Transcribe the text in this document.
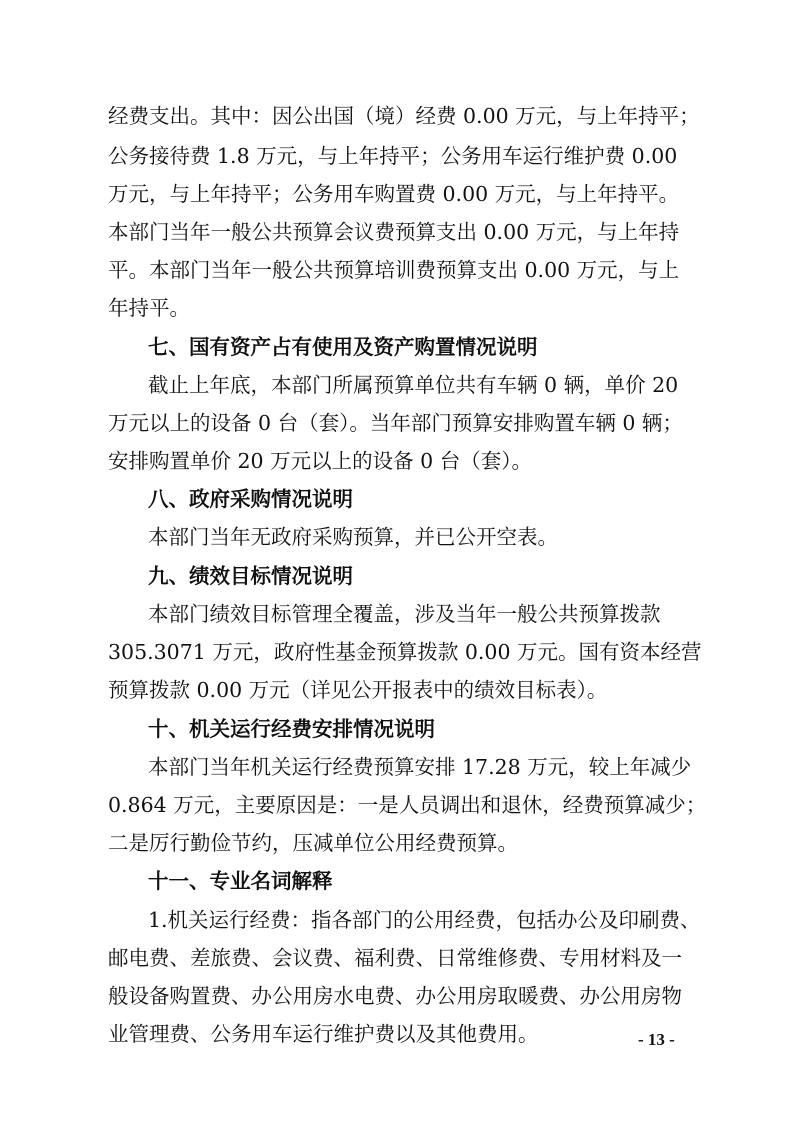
经费支出。其中：因公出国（境）经费 0.00 万元，与上年持平；
公务接待费 1.8 万元，与上年持平；公务用车运行维护费 0.00
万元，与上年持平；公务用车购置费 0.00 万元，与上年持平。
本部门当年一般公共预算会议费预算支出 0.00 万元，与上年持
平。本部门当年一般公共预算培训费预算支出 0.00 万元，与上
年持平。
七、国有资产占有使用及资产购置情况说明
截止上年底，本部门所属预算单位共有车辆 0 辆，单价 20
万元以上的设备 0 台（套）。当年部门预算安排购置车辆 0 辆；
安排购置单价 20 万元以上的设备 0 台（套）。
八、政府采购情况说明
本部门当年无政府采购预算，并已公开空表。
九、绩效目标情况说明
本部门绩效目标管理全覆盖，涉及当年一般公共预算拨款
305.3071 万元，政府性基金预算拨款 0.00 万元。国有资本经营
预算拨款 0.00 万元（详见公开报表中的绩效目标表）。
十、机关运行经费安排情况说明
本部门当年机关运行经费预算安排 17.28 万元，较上年减少
0.864 万元，主要原因是：一是人员调出和退休，经费预算减少；
二是厉行勤俭节约，压减单位公用经费预算。
十一、专业名词解释
1.机关运行经费：指各部门的公用经费，包括办公及印刷费、
邮电费、差旅费、会议费、福利费、日常维修费、专用材料及一
般设备购置费、办公用房水电费、办公用房取暖费、办公用房物
业管理费、公务用车运行维护费以及其他费用。	- 13 -
